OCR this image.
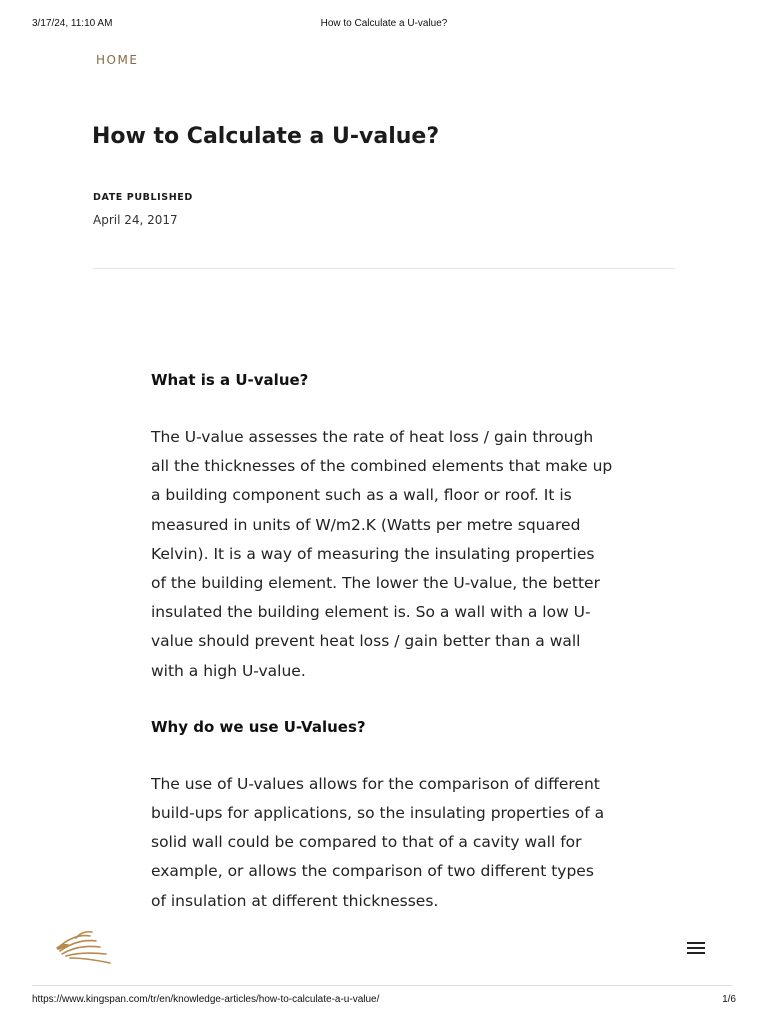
3/17/24, 11:10 AM	How to Calculate a U-value?
HOME
How to Calculate a U-value?
DATE PUBLISHED
April 24, 2017
What is a U-value?

The U-value assesses the rate of heat loss / gain through all the thicknesses of the combined elements that make up a building component such as a wall, floor or roof. It is measured in units of W/m2.K (Watts per metre squared Kelvin). It is a way of measuring the insulating properties of the building element. The lower the U-value, the better insulated the building element is. So a wall with a low U-value should prevent heat loss / gain better than a wall with a high U-value.

Why do we use U-Values?

The use of U-values allows for the comparison of different build-ups for applications, so the insulating properties of a solid wall could be compared to that of a cavity wall for example, or allows the comparison of two different types of insulation at different thicknesses.

https://www.kingspan.com/tr/en/knowledge-articles/how-to-calculate-a-u-value/	1/6
